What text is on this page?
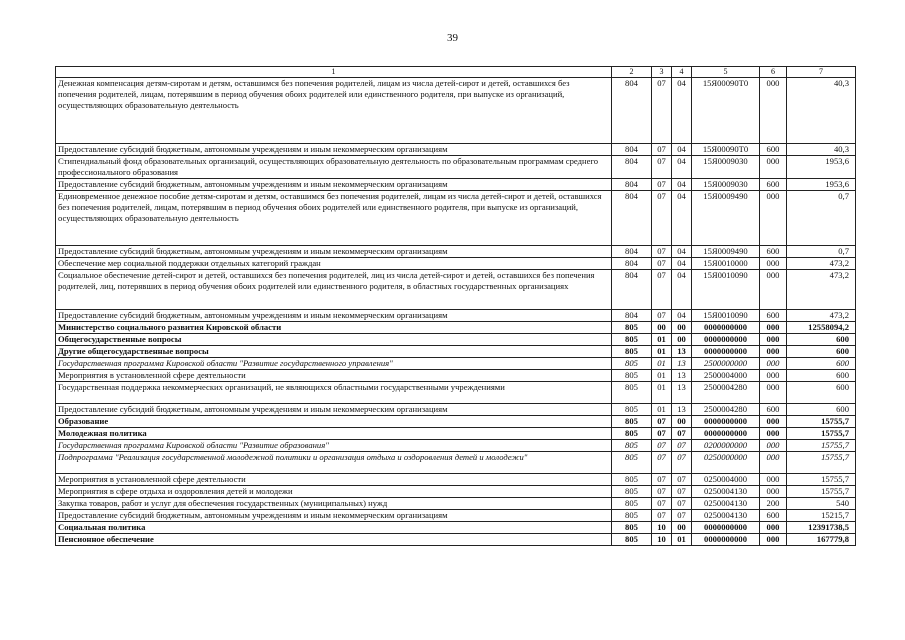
39
1	2	3	4	5	6	7
Денежная компенсация детям-сиротам и детям, оставшимся без попечения родителей, лицам из числа детей-сирот и детей, оставшихся без попечения родителей, лицам, потерявшим в период обучения обоих родителей или единственного родителя, при выпуске из организаций, осуществляющих образовательную деятельность	804	07	04	15Я00090Т0	000	40,3
Предоставление субсидий бюджетным, автономным учреждениям и иным некоммерческим организациям	804	07	04	15Я00090Т0	600	40,3
Стипендиальный фонд образовательных организаций, осуществляющих образовательную деятельность по образовательным программам среднего профессионального образования	804	07	04	15Я00090З0	000	1953,6
Предоставление субсидий бюджетным, автономным учреждениям и иным некоммерческим организациям	804	07	04	15Я00090З0	600	1953,6
Единовременное денежное пособие детям-сиротам и детям, оставшимся без попечения родителей, лицам из числа детей-сирот и детей, оставшихся без попечения родителей, лицам, потерявшим в период обучения обоих родителей или единственного родителя, при выпуске из организаций, осуществляющих образовательную деятельность	804	07	04	15Я0009490	000	0,7
Предоставление субсидий бюджетным, автономным учреждениям и иным некоммерческим организациям	804	07	04	15Я0009490	600	0,7
Обеспечение мер социальной поддержки отдельных категорий граждан	804	07	04	15Я0010000	000	473,2
Социальное обеспечение детей-сирот и детей, оставшихся без попечения родителей, лиц из числа детей-сирот и детей, оставшихся без попечения родителей, лиц, потерявших в период обучения обоих родителей или единственного родителя, в областных государственных организациях	804	07	04	15Я0010090	000	473,2
Предоставление субсидий бюджетным, автономным учреждениям и иным некоммерческим организациям	804	07	04	15Я0010090	600	473,2
Министерство социального развития Кировской области	805	00	00	0000000000	000	12558094,2
Общегосударственные вопросы	805	01	00	0000000000	000	600
Другие общегосударственные вопросы	805	01	13	0000000000	000	600
Государственная программа Кировской области "Развитие государственного управления"	805	01	13	2500000000	000	600
Мероприятия в установленной сфере деятельности	805	01	13	2500004000	000	600
Государственная поддержка некоммерческих организаций, не являющихся областными государственными учреждениями	805	01	13	2500004280	000	600
Предоставление субсидий бюджетным, автономным учреждениям и иным некоммерческим организациям	805	01	13	2500004280	600	600
Образование	805	07	00	0000000000	000	15755,7
Молодежная политика	805	07	07	0000000000	000	15755,7
Государственная программа Кировской области "Развитие образования"	805	07	07	0200000000	000	15755,7
Подпрограмма "Реализация государственной молодежной политики и организация отдыха и оздоровления детей и молодежи"	805	07	07	0250000000	000	15755,7
Мероприятия в установленной сфере деятельности	805	07	07	0250004000	000	15755,7
Мероприятия в сфере отдыха и оздоровления детей и молодежи	805	07	07	0250004130	000	15755,7
Закупка товаров, работ и услуг для обеспечения государственных (муниципальных) нужд	805	07	07	0250004130	200	540
Предоставление субсидий бюджетным, автономным учреждениям и иным некоммерческим организациям	805	07	07	0250004130	600	15215,7
Социальная политика	805	10	00	0000000000	000	12391738,5
Пенсионное обеспечение	805	10	01	0000000000	000	167779,8
